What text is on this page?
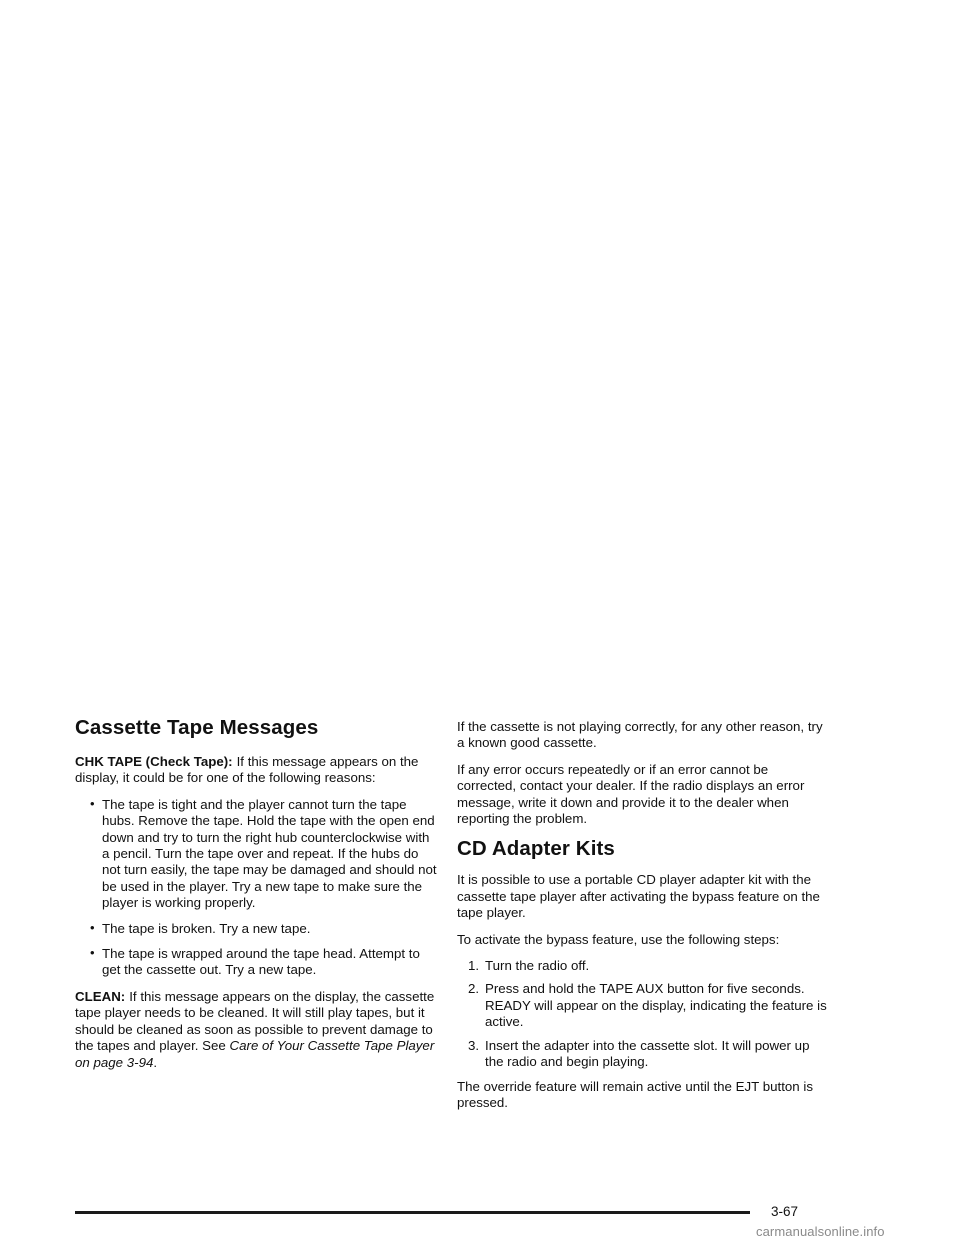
Cassette Tape Messages

CHK TAPE (Check Tape): If this message appears on the display, it could be for one of the following reasons:

• The tape is tight and the player cannot turn the tape hubs. Remove the tape. Hold the tape with the open end down and try to turn the right hub counterclockwise with a pencil. Turn the tape over and repeat. If the hubs do not turn easily, the tape may be damaged and should not be used in the player. Try a new tape to make sure the player is working properly.
• The tape is broken. Try a new tape.
• The tape is wrapped around the tape head. Attempt to get the cassette out. Try a new tape.

CLEAN: If this message appears on the display, the cassette tape player needs to be cleaned. It will still play tapes, but it should be cleaned as soon as possible to prevent damage to the tapes and player. See Care of Your Cassette Tape Player on page 3-94.

If the cassette is not playing correctly, for any other reason, try a known good cassette.

If any error occurs repeatedly or if an error cannot be corrected, contact your dealer. If the radio displays an error message, write it down and provide it to the dealer when reporting the problem.

CD Adapter Kits

It is possible to use a portable CD player adapter kit with the cassette tape player after activating the bypass feature on the tape player.

To activate the bypass feature, use the following steps:

1. Turn the radio off.
2. Press and hold the TAPE AUX button for five seconds. READY will appear on the display, indicating the feature is active.
3. Insert the adapter into the cassette slot. It will power up the radio and begin playing.

The override feature will remain active until the EJT button is pressed.

3-67
carmanualsonline.info
